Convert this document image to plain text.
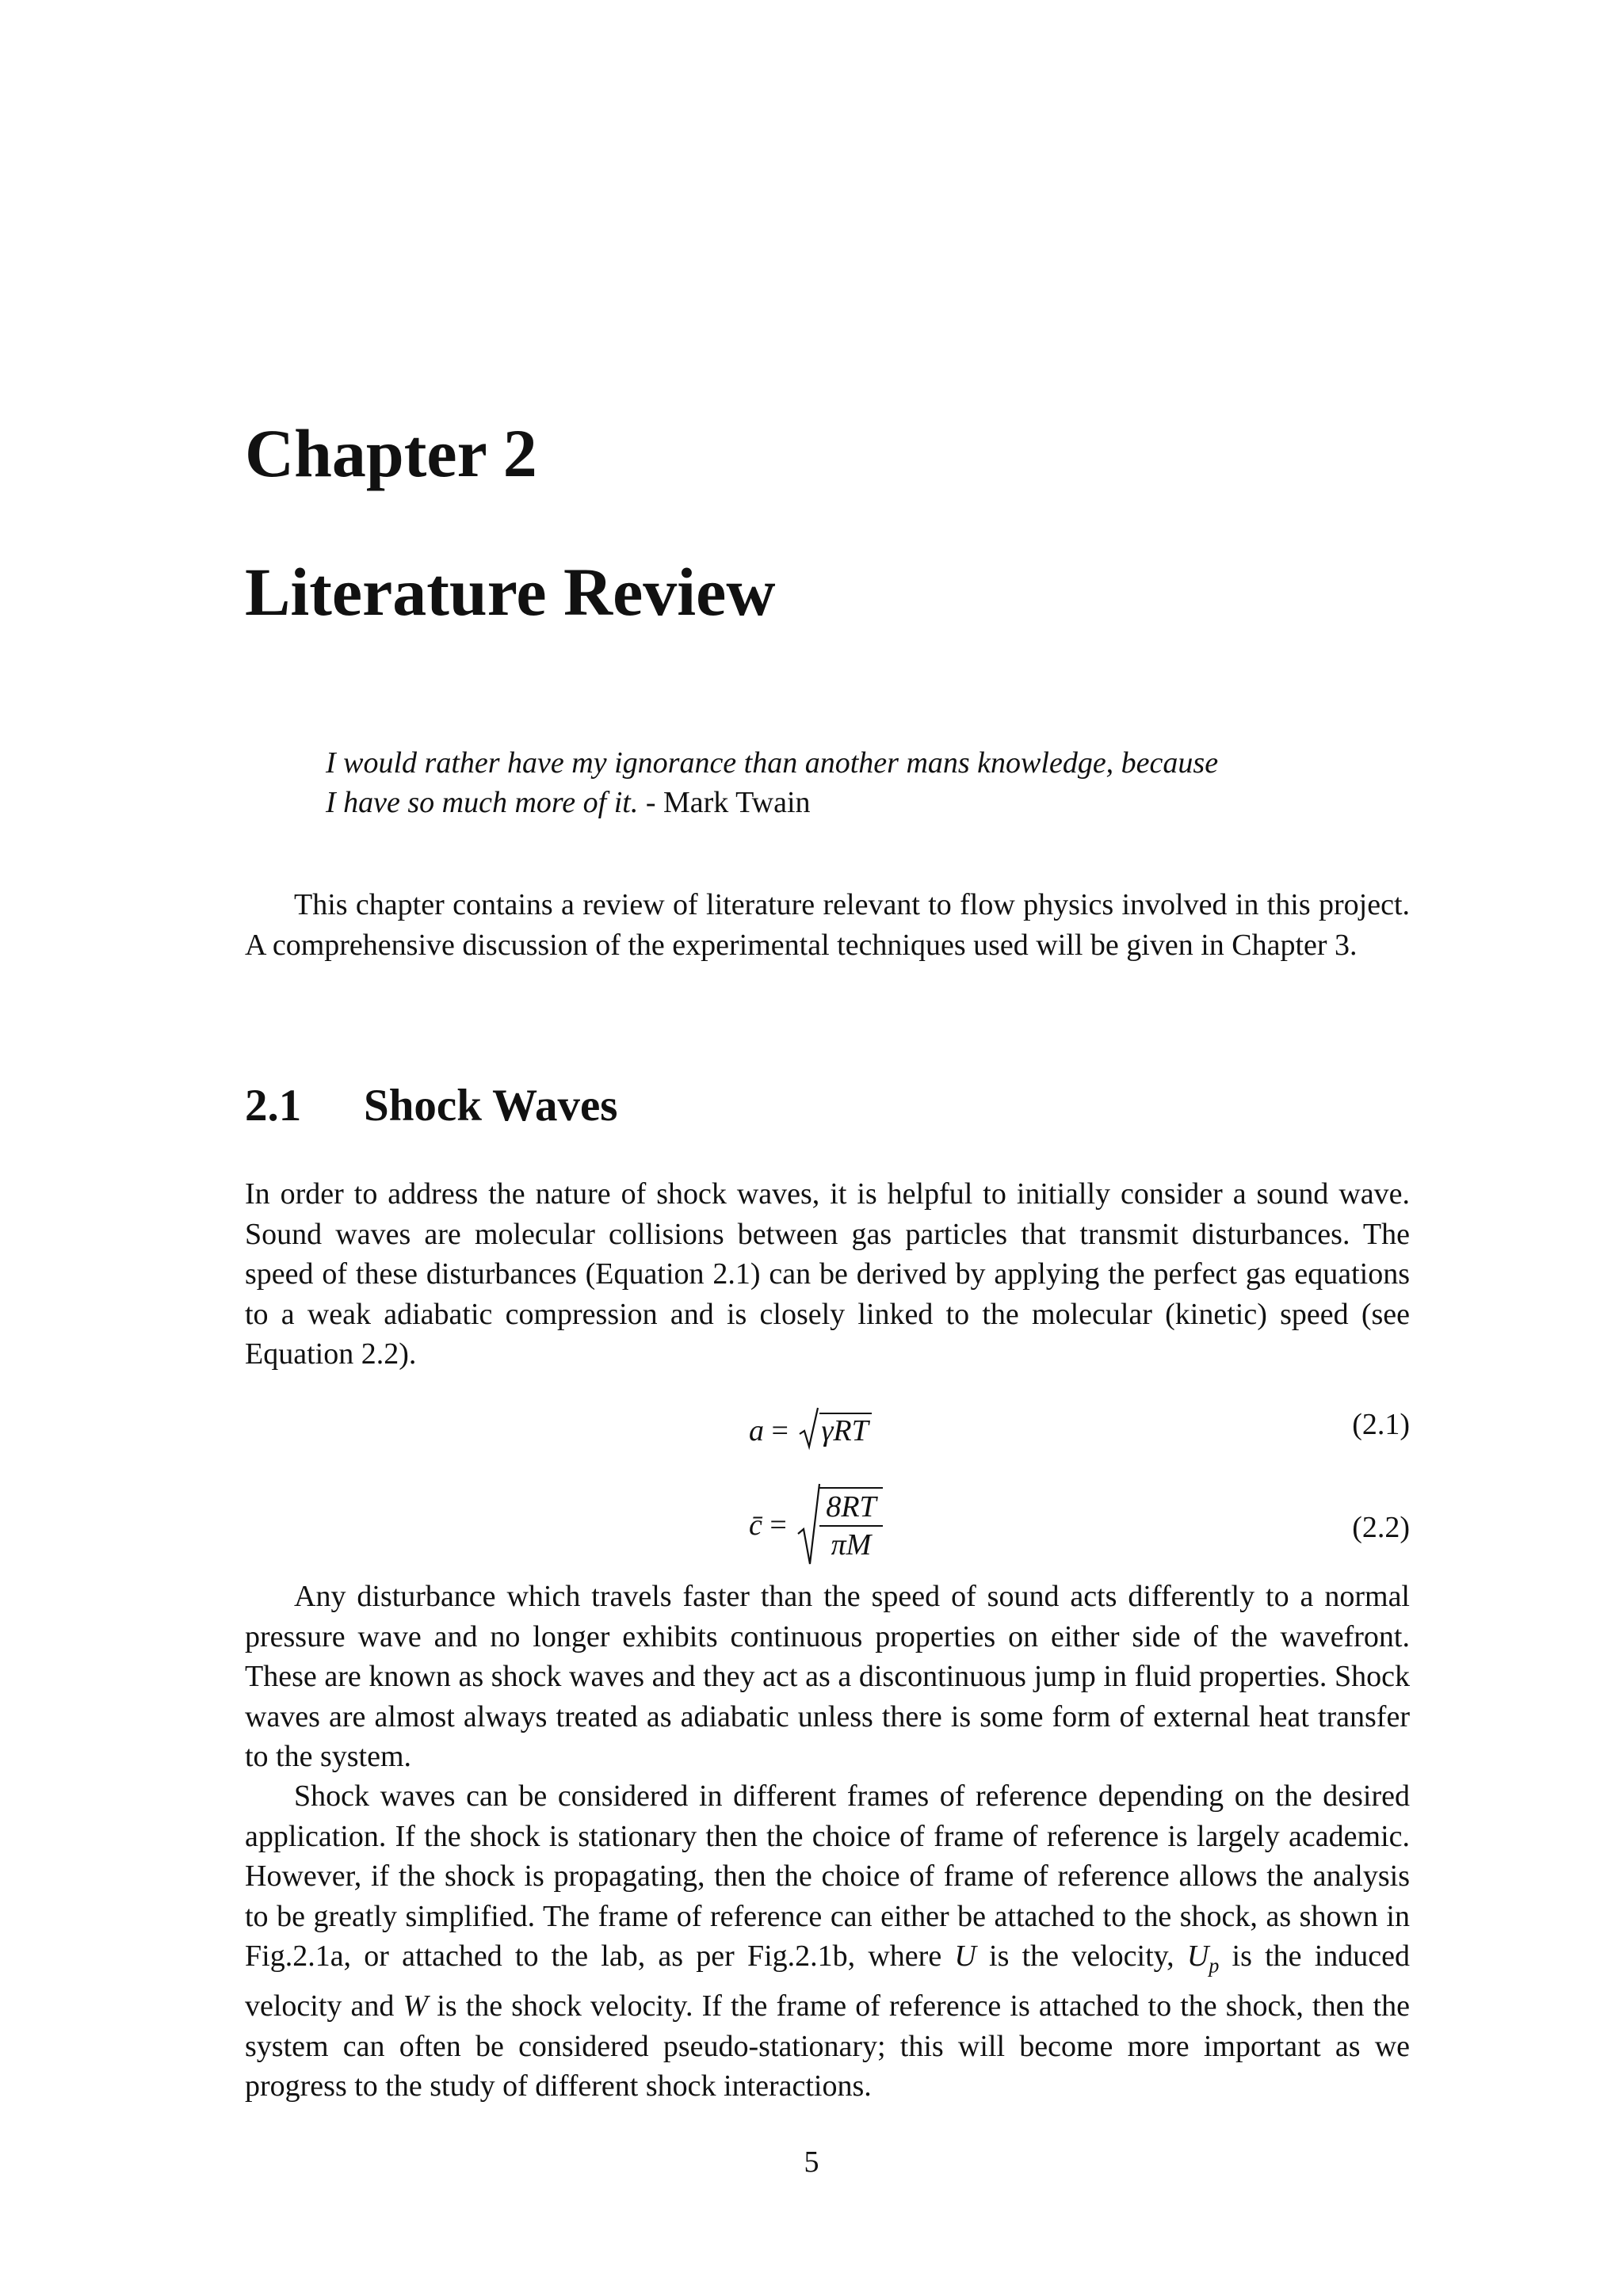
Chapter 2
Literature Review
I would rather have my ignorance than another mans knowledge, because
I have so much more of it. - Mark Twain

This chapter contains a review of literature relevant to flow physics involved in this project. A comprehensive discussion of the experimental techniques used will be given in Chapter 3.

2.1 Shock Waves

In order to address the nature of shock waves, it is helpful to initially consider a sound wave. Sound waves are molecular collisions between gas particles that transmit disturbances. The speed of these disturbances (Equation 2.1) can be derived by applying the perfect gas equations to a weak adiabatic compression and is closely linked to the molecular (kinetic) speed (see Equation 2.2).

a = γRT	(2.1)
c̄ = $\frac{8RT}{\pi M}$	(2.2)

Any disturbance which travels faster than the speed of sound acts differently to a normal pressure wave and no longer exhibits continuous properties on either side of the wavefront. These are known as shock waves and they act as a discontinuous jump in fluid properties. Shock waves are almost always treated as adiabatic unless there is some form of external heat transfer to the system.

Shock waves can be considered in different frames of reference depending on the desired application. If the shock is stationary then the choice of frame of reference is largely academic. However, if the shock is propagating, then the choice of frame of reference allows the analysis to be greatly simplified. The frame of reference can either be attached to the shock, as shown in Fig.2.1a, or attached to the lab, as per Fig.2.1b, where U is the velocity, $U_p$ is the induced velocity and W is the shock velocity. If the frame of reference is attached to the shock, then the system can often be considered pseudo-stationary; this will become more important as we progress to the study of different shock interactions.

5
